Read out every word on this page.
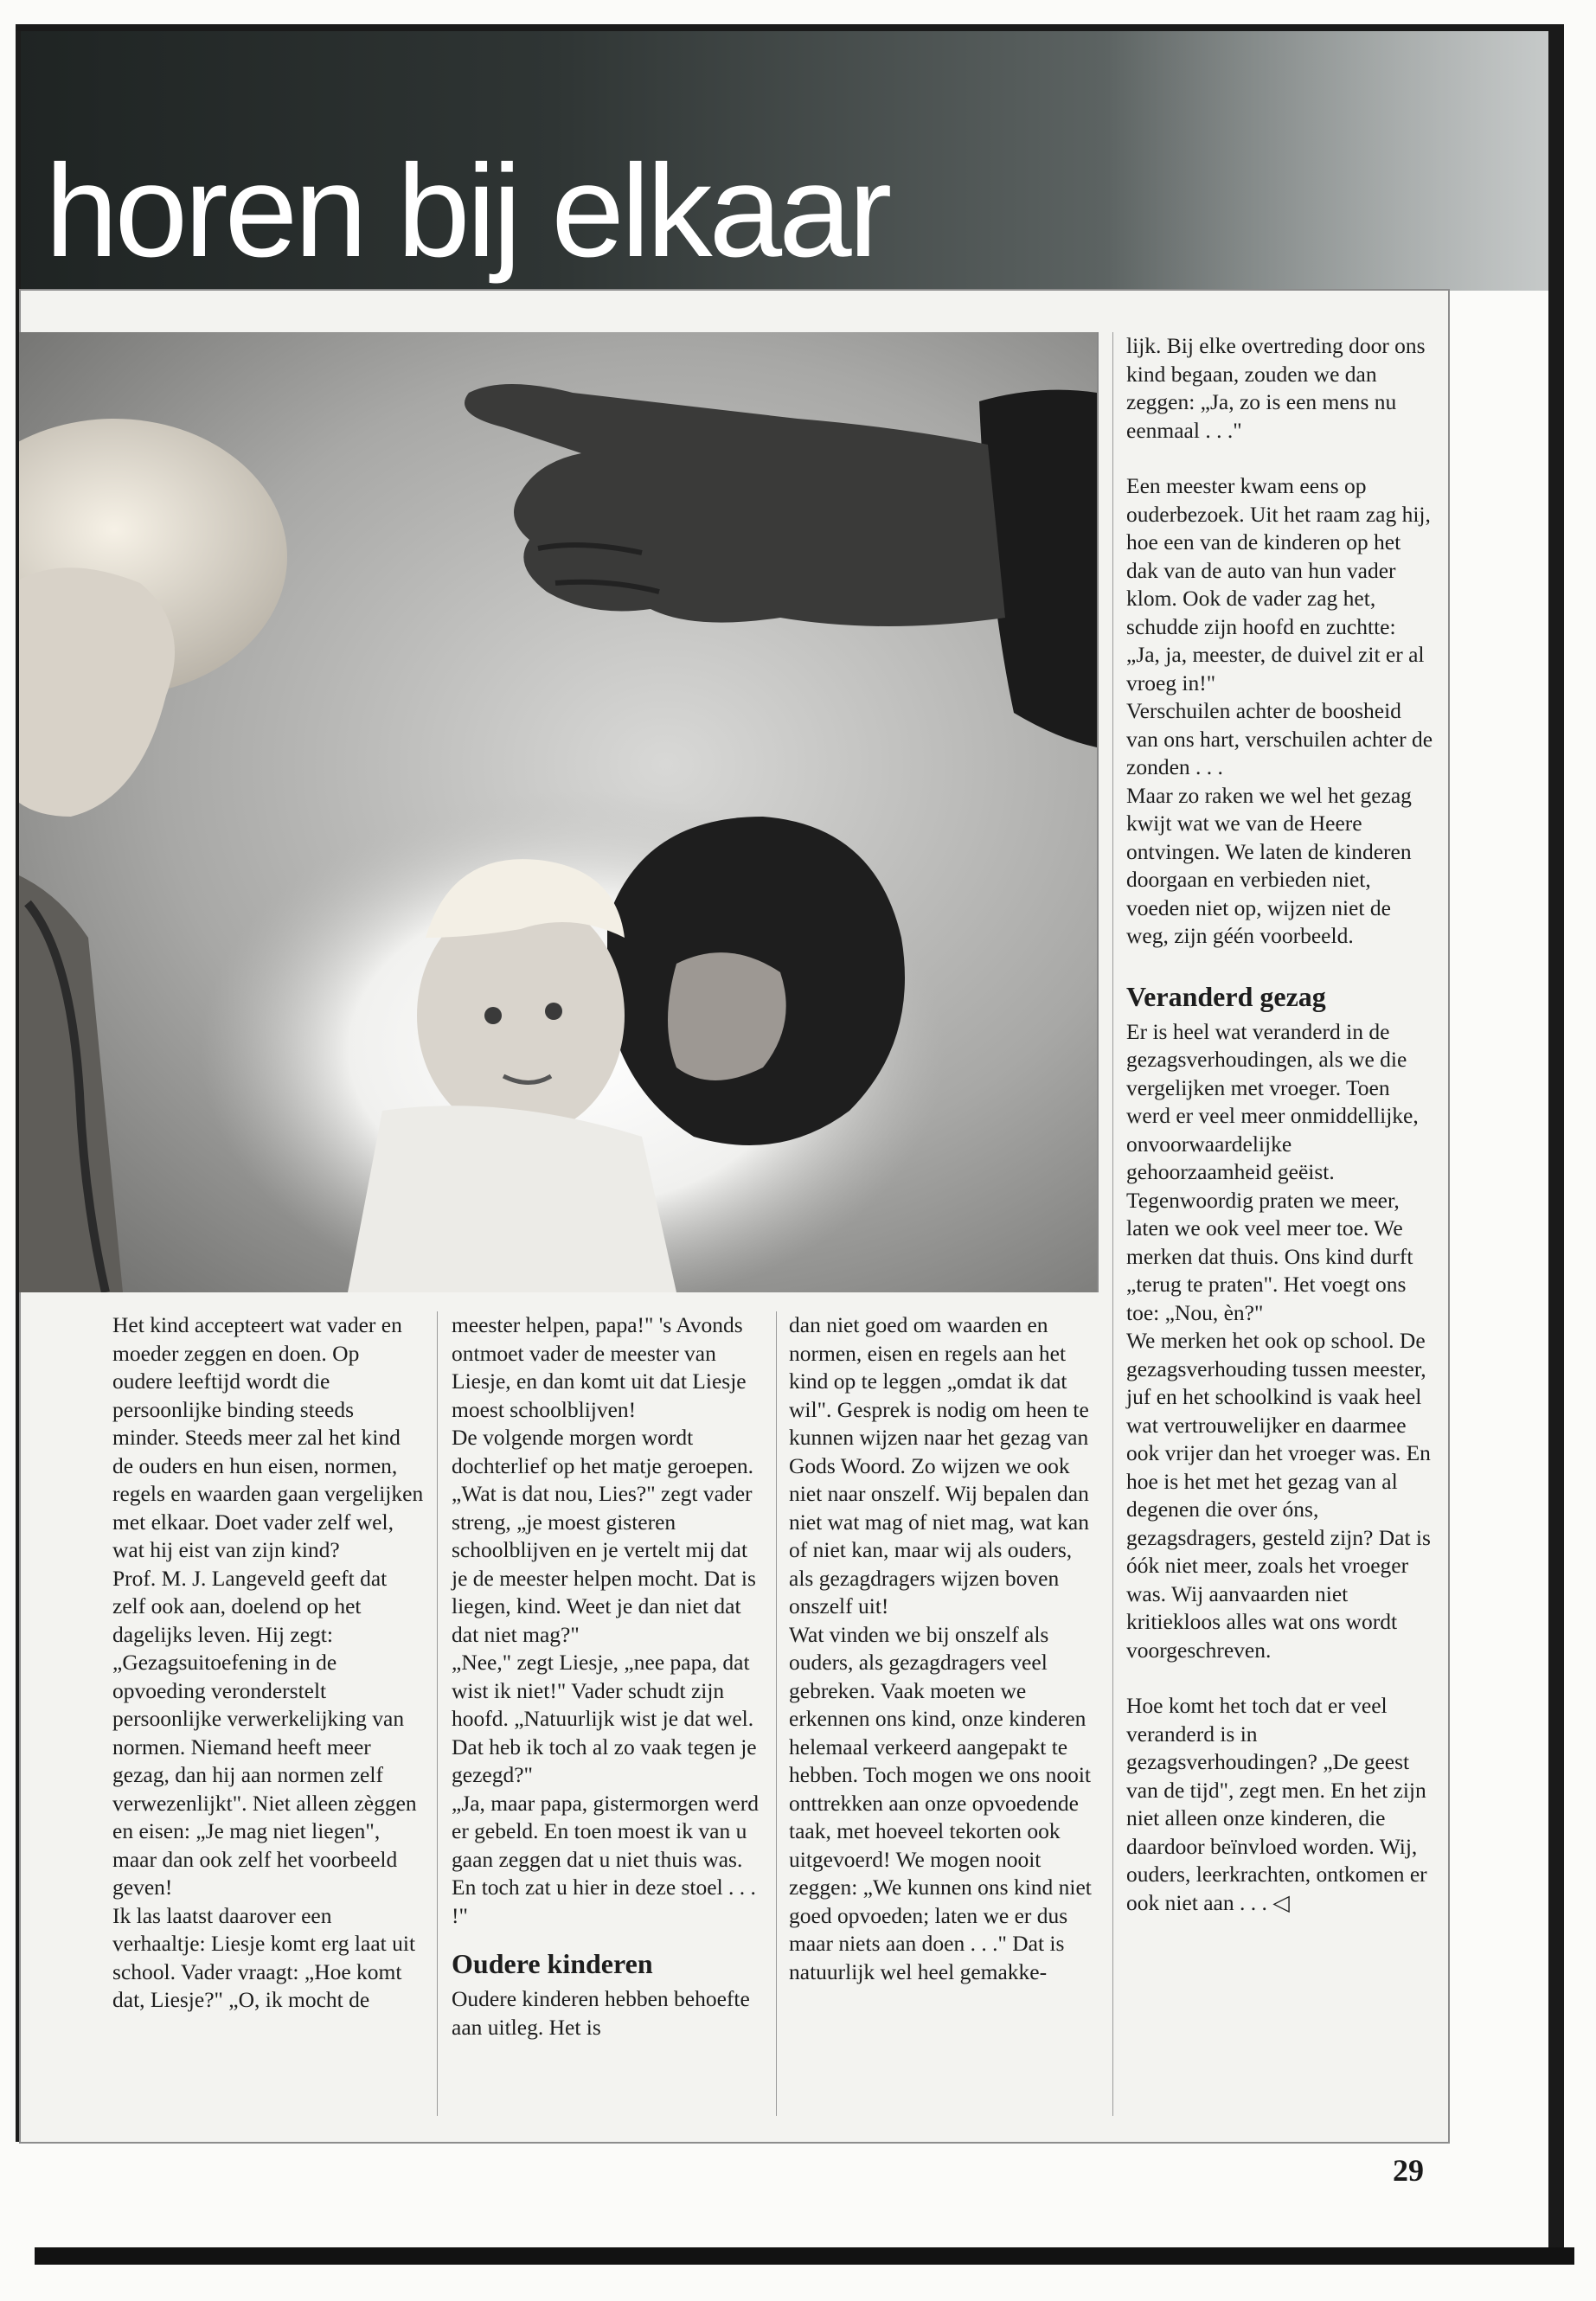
horen bij elkaar

Het kind accepteert wat vader en moeder zeggen en doen. Op oudere leeftijd wordt die persoonlijke binding steeds minder. Steeds meer zal het kind de ouders en hun eisen, normen, regels en waarden gaan vergelijken met elkaar. Doet vader zelf wel, wat hij eist van zijn kind?

Prof. M. J. Langeveld geeft dat zelf ook aan, doelend op het dagelijks leven. Hij zegt: „Gezagsuitoefening in de opvoeding veronderstelt persoonlijke verwerkelijking van normen. Niemand heeft meer gezag, dan hij aan normen zelf verwezenlijkt". Niet alleen zèggen en eisen: „Je mag niet liegen", maar dan ook zelf het voorbeeld geven!

Ik las laatst daarover een verhaaltje: Liesje komt erg laat uit school. Vader vraagt: „Hoe komt dat, Liesje?" „O, ik mocht de

meester helpen, papa!" 's Avonds ontmoet vader de meester van Liesje, en dan komt uit dat Liesje moest schoolblijven!

De volgende morgen wordt dochterlief op het matje geroepen. „Wat is dat nou, Lies?" zegt vader streng, „je moest gisteren schoolblijven en je vertelt mij dat je de meester helpen mocht. Dat is liegen, kind. Weet je dan niet dat dat niet mag?"

„Nee," zegt Liesje, „nee papa, dat wist ik niet!" Vader schudt zijn hoofd. „Natuurlijk wist je dat wel. Dat heb ik toch al zo vaak tegen je gezegd?"

„Ja, maar papa, gistermorgen werd er gebeld. En toen moest ik van u gaan zeggen dat u niet thuis was. En toch zat u hier in deze stoel . . . !"

Oudere kinderen

Oudere kinderen hebben behoefte aan uitleg. Het is

dan niet goed om waarden en normen, eisen en regels aan het kind op te leggen „omdat ik dat wil". Gesprek is nodig om heen te kunnen wijzen naar het gezag van Gods Woord. Zo wijzen we ook niet naar onszelf. Wij bepalen dan niet wat mag of niet mag, wat kan of niet kan, maar wij als ouders, als gezagdragers wijzen boven onszelf uit!

Wat vinden we bij onszelf als ouders, als gezagdragers veel gebreken. Vaak moeten we erkennen ons kind, onze kinderen helemaal verkeerd aangepakt te hebben. Toch mogen we ons nooit onttrekken aan onze opvoedende taak, met hoeveel tekorten ook uitgevoerd! We mogen nooit zeggen: „We kunnen ons kind niet goed opvoeden; laten we er dus maar niets aan doen . . ." Dat is natuurlijk wel heel gemakke-

lijk. Bij elke overtreding door ons kind begaan, zouden we dan zeggen: „Ja, zo is een mens nu eenmaal . . ."

Een meester kwam eens op ouderbezoek. Uit het raam zag hij, hoe een van de kinderen op het dak van de auto van hun vader klom. Ook de vader zag het, schudde zijn hoofd en zuchtte: „Ja, ja, meester, de duivel zit er al vroeg in!"

Verschuilen achter de boosheid van ons hart, verschuilen achter de zonden . . .

Maar zo raken we wel het gezag kwijt wat we van de Heere ontvingen. We laten de kinderen doorgaan en verbieden niet, voeden niet op, wijzen niet de weg, zijn géén voorbeeld.

Veranderd gezag

Er is heel wat veranderd in de gezagsverhoudingen, als we die vergelijken met vroeger. Toen werd er veel meer onmiddellijke, onvoorwaardelijke gehoorzaamheid geëist. Tegenwoordig praten we meer, laten we ook veel meer toe. We merken dat thuis. Ons kind durft „terug te praten". Het voegt ons toe: „Nou, èn?"

We merken het ook op school. De gezagsverhouding tussen meester, juf en het schoolkind is vaak heel wat vertrouwelijker en daarmee ook vrijer dan het vroeger was. En hoe is het met het gezag van al degenen die over óns, gezagsdragers, gesteld zijn? Dat is óók niet meer, zoals het vroeger was. Wij aanvaarden niet kritiekloos alles wat ons wordt voorgeschreven.

Hoe komt het toch dat er veel veranderd is in gezagsverhoudingen? „De geest van de tijd", zegt men. En het zijn niet alleen onze kinderen, die daardoor beïnvloed worden. Wij, ouders, leerkrachten, ontkomen er ook niet aan . . . ◁

29
